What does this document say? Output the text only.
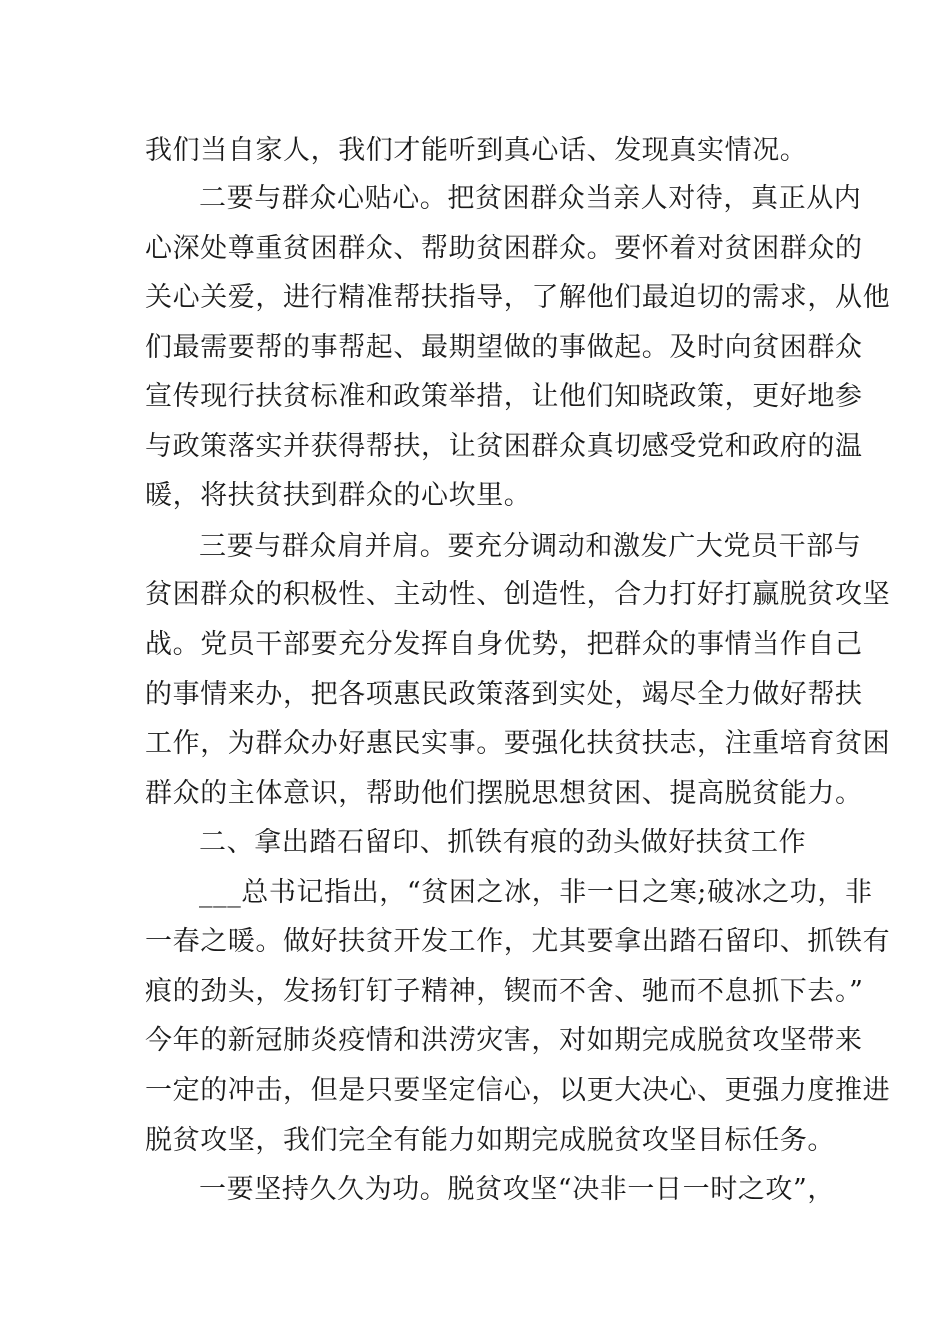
我们当自家人，我们才能听到真心话、发现真实情况。
二要与群众心贴心。把贫困群众当亲人对待，真正从内
心深处尊重贫困群众、帮助贫困群众。要怀着对贫困群众的
关心关爱，进行精准帮扶指导，了解他们最迫切的需求，从他
们最需要帮的事帮起、最期望做的事做起。及时向贫困群众
宣传现行扶贫标准和政策举措，让他们知晓政策，更好地参
与政策落实并获得帮扶，让贫困群众真切感受党和政府的温
暖，将扶贫扶到群众的心坎里。
三要与群众肩并肩。要充分调动和激发广大党员干部与
贫困群众的积极性、主动性、创造性，合力打好打赢脱贫攻坚
战。党员干部要充分发挥自身优势，把群众的事情当作自己
的事情来办，把各项惠民政策落到实处，竭尽全力做好帮扶
工作，为群众办好惠民实事。要强化扶贫扶志，注重培育贫困
群众的主体意识，帮助他们摆脱思想贫困、提高脱贫能力。
二、拿出踏石留印、抓铁有痕的劲头做好扶贫工作
___总书记指出，“贫困之冰，非一日之寒;破冰之功，非
一春之暖。做好扶贫开发工作，尤其要拿出踏石留印、抓铁有
痕的劲头，发扬钉钉子精神，锲而不舍、驰而不息抓下去。”
今年的新冠肺炎疫情和洪涝灾害，对如期完成脱贫攻坚带来
一定的冲击，但是只要坚定信心，以更大决心、更强力度推进
脱贫攻坚，我们完全有能力如期完成脱贫攻坚目标任务。
一要坚持久久为功。脱贫攻坚“决非一日一时之攻”，
